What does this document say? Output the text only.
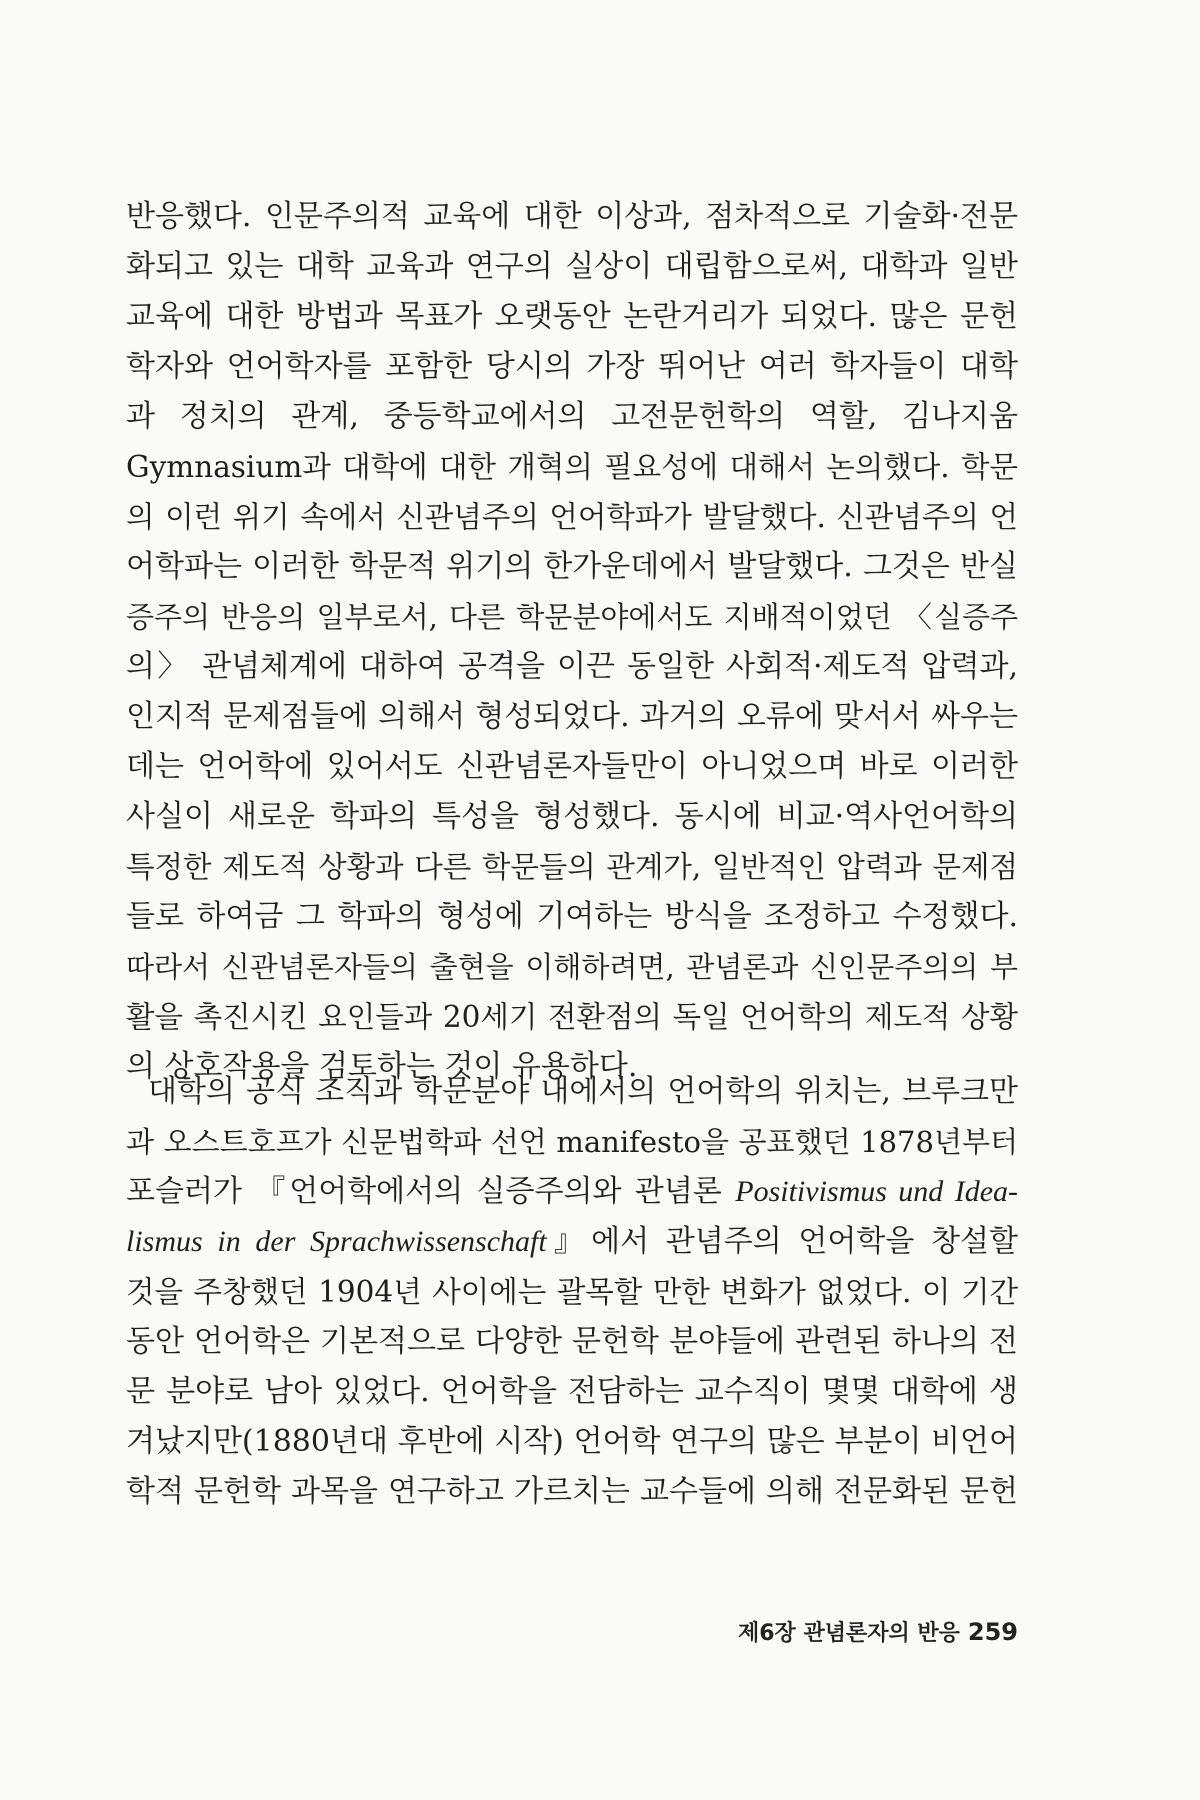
반응했다. 인문주의적 교육에 대한 이상과, 점차적으로 기술화·전문
화되고 있는 대학 교육과 연구의 실상이 대립함으로써, 대학과 일반
교육에 대한 방법과 목표가 오랫동안 논란거리가 되었다. 많은 문헌
학자와 언어학자를 포함한 당시의 가장 뛰어난 여러 학자들이 대학
과 정치의 관계, 중등학교에서의 고전문헌학의 역할, 김나지움
Gymnasium과 대학에 대한 개혁의 필요성에 대해서 논의했다. 학문
의 이런 위기 속에서 신관념주의 언어학파가 발달했다. 신관념주의 언
어학파는 이러한 학문적 위기의 한가운데에서 발달했다. 그것은 반실
증주의 반응의 일부로서, 다른 학문분야에서도 지배적이었던 〈실증주
의〉 관념체계에 대하여 공격을 이끈 동일한 사회적·제도적 압력과,
인지적 문제점들에 의해서 형성되었다. 과거의 오류에 맞서서 싸우는
데는 언어학에 있어서도 신관념론자들만이 아니었으며 바로 이러한
사실이 새로운 학파의 특성을 형성했다. 동시에 비교·역사언어학의
특정한 제도적 상황과 다른 학문들의 관계가, 일반적인 압력과 문제점
들로 하여금 그 학파의 형성에 기여하는 방식을 조정하고 수정했다.
따라서 신관념론자들의 출현을 이해하려면, 관념론과 신인문주의의 부
활을 촉진시킨 요인들과 20세기 전환점의 독일 언어학의 제도적 상황
의 상호작용을 검토하는 것이 유용하다.
대학의 공식 조직과 학문분야 내에서의 언어학의 위치는, 브루크만
과 오스트호프가 신문법학파 선언 manifesto을 공표했던 1878년부터
포슬러가 『언어학에서의 실증주의와 관념론 Positivismus und Idea-
lismus in der Sprachwissenschaft』에서 관념주의 언어학을 창설할
것을 주창했던 1904년 사이에는 괄목할 만한 변화가 없었다. 이 기간
동안 언어학은 기본적으로 다양한 문헌학 분야들에 관련된 하나의 전
문 분야로 남아 있었다. 언어학을 전담하는 교수직이 몇몇 대학에 생
겨났지만(1880년대 후반에 시작) 언어학 연구의 많은 부분이 비언어
학적 문헌학 과목을 연구하고 가르치는 교수들에 의해 전문화된 문헌
제6장 관념론자의 반응 259
